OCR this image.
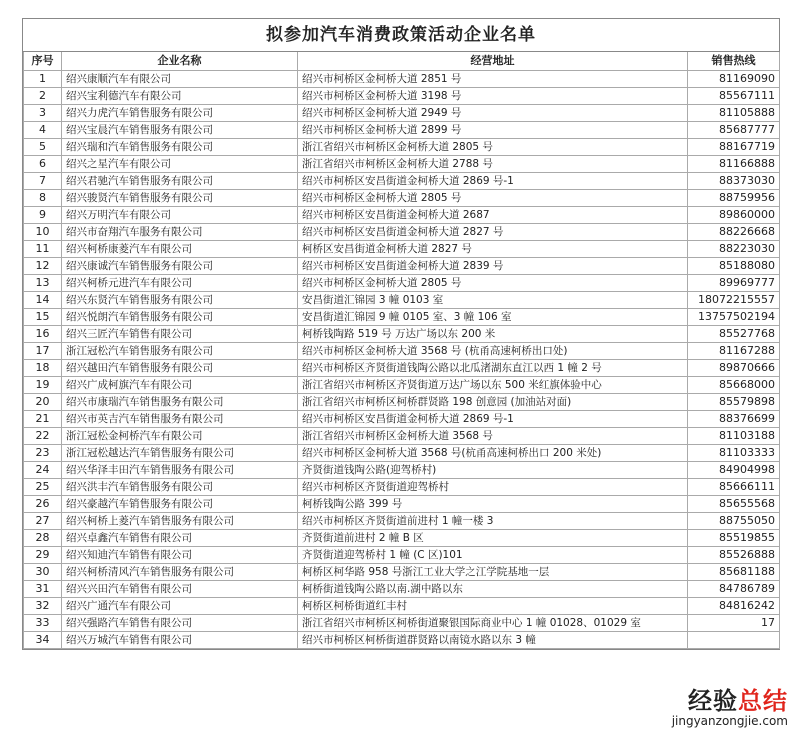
拟参加汽车消费政策活动企业名单
序号	企业名称	经营地址	销售热线
1	绍兴康顺汽车有限公司	绍兴市柯桥区金柯桥大道 2851 号	81169090
2	绍兴宝利德汽车有限公司	绍兴市柯桥区金柯桥大道 3198 号	85567111
3	绍兴力虎汽车销售服务有限公司	绍兴市柯桥区金柯桥大道 2949 号	81105888
4	绍兴宝晨汽车销售服务有限公司	绍兴市柯桥区金柯桥大道 2899 号	85687777
5	绍兴瑞和汽车销售服务有限公司	浙江省绍兴市柯桥区金柯桥大道 2805 号	88167719
6	绍兴之星汽车有限公司	浙江省绍兴市柯桥区金柯桥大道 2788 号	81166888
7	绍兴君驰汽车销售服务有限公司	绍兴市柯桥区安昌街道金柯桥大道 2869 号-1	88373030
8	绍兴骏贤汽车销售服务有限公司	绍兴市柯桥区金柯桥大道 2805 号	88759956
9	绍兴万明汽车有限公司	绍兴市柯桥区安昌街道金柯桥大道 2687	89860000
10	绍兴市奋翔汽车服务有限公司	绍兴市柯桥区安昌街道金柯桥大道 2827 号	88226668
11	绍兴柯桥康菱汽车有限公司	柯桥区安昌街道金柯桥大道 2827 号	88223030
12	绍兴康诚汽车销售服务有限公司	绍兴市柯桥区安昌街道金柯桥大道 2839 号	85188080
13	绍兴柯桥元进汽车有限公司	绍兴市柯桥区金柯桥大道 2805 号	89969777
14	绍兴东贤汽车销售服务有限公司	安昌街道汇锦园 3 幢 0103 室	18072215557
15	绍兴悦朗汽车销售服务有限公司	安昌街道汇锦园 9 幢 0105 室、3 幢 106 室	13757502194
16	绍兴三匠汽车销售有限公司	柯桥钱陶路 519 号 万达广场以东 200 米	85527768
17	浙江冠松汽车销售服务有限公司	绍兴市柯桥区金柯桥大道 3568 号 (杭甬高速柯桥出口处)	81167288
18	绍兴越田汽车销售服务有限公司	绍兴市柯桥区齐贤街道钱陶公路以北瓜渚湖东直江以西 1 幢 2 号	89870666
19	绍兴广成柯旗汽车有限公司	浙江省绍兴市柯桥区齐贤街道万达广场以东 500 米红旗体验中心	85668000
20	绍兴市康瑞汽车销售服务有限公司	浙江省绍兴市柯桥区柯桥群贤路 198 创意园 (加油站对面)	85579898
21	绍兴市英吉汽车销售服务有限公司	绍兴市柯桥区安昌街道金柯桥大道 2869 号-1	88376699
22	浙江冠松金柯桥汽车有限公司	浙江省绍兴市柯桥区金柯桥大道 3568 号	81103188
23	浙江冠松越达汽车销售服务有限公司	绍兴市柯桥区金柯桥大道 3568 号(杭甬高速柯桥出口 200 米处)	81103333
24	绍兴华泽丰田汽车销售服务有限公司	齐贤街道钱陶公路(迎驾桥村)	84904998
25	绍兴洪丰汽车销售服务有限公司	绍兴市柯桥区齐贤街道迎驾桥村	85666111
26	绍兴豪越汽车销售服务有限公司	柯桥钱陶公路 399 号	85655568
27	绍兴柯桥上菱汽车销售服务有限公司	绍兴市柯桥区齐贤街道前进村 1 幢一楼 3	88755050
28	绍兴卓鑫汽车销售有限公司	齐贤街道前进村 2 幢 B 区	85519855
29	绍兴知迪汽车销售有限公司	齐贤街道迎驾桥村 1 幢 (C 区)101	85526888
30	绍兴柯桥清风汽车销售服务有限公司	柯桥区柯华路 958 号浙江工业大学之江学院基地一层	85681188
31	绍兴兴田汽车销售有限公司	柯桥街道钱陶公路以南.湖中路以东	84786789
32	绍兴广通汽车有限公司	柯桥区柯桥街道红丰村	84816242
33	绍兴强路汽车销售有限公司	浙江省绍兴市柯桥区柯桥街道聚银国际商业中心 1 幢 01028、01029 室	17
34	绍兴万城汽车销售有限公司	绍兴市柯桥区柯桥街道群贤路以南镜水路以东 3 幢	
经验总结
jingyanzongjie.com
